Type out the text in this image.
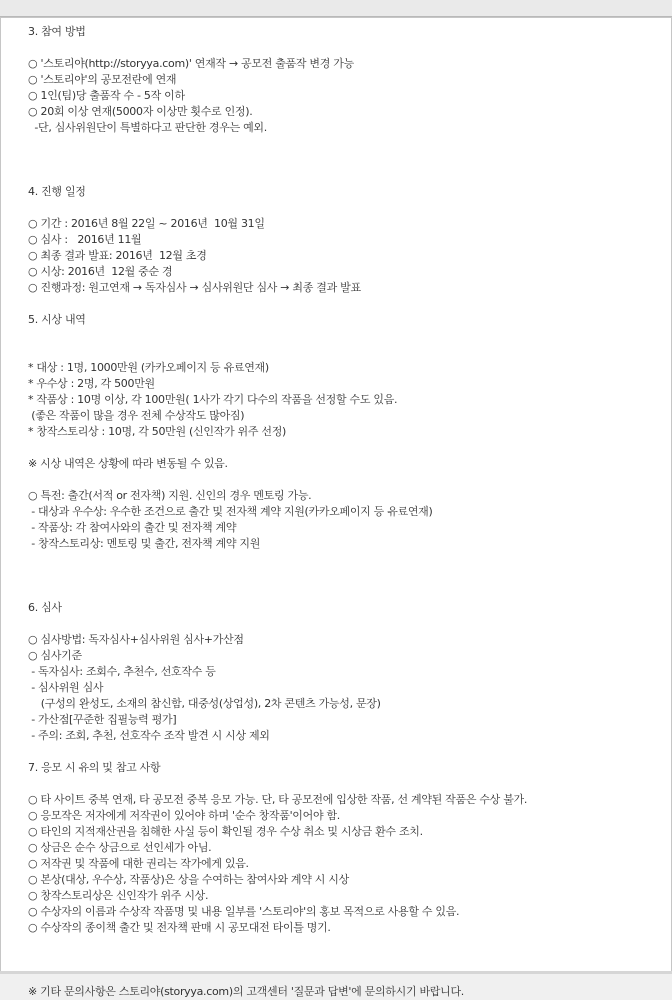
3. 참여 방법
○ '스토리야(http://storyya.com)' 연재작 → 공모전 출품작 변경 가능
○ '스토리야'의 공모전란에 연재
○ 1인(팀)당 출품작 수 - 5작 이하
○ 20회 이상 연재(5000자 이상만 횟수로 인정).
-단, 심사위원단이 특별하다고 판단한 경우는 예외.
4. 진행 일정
○ 기간 : 2016년 8월 22일 ~ 2016년  10월 31일
○ 심사 :   2016년 11월
○ 최종 결과 발표: 2016년  12월 초경
○ 시상: 2016년  12월 중순 경
○ 진행과정: 원고연재 → 독자심사 → 심사위원단 심사 → 최종 결과 발표
5. 시상 내역
* 대상 : 1명, 1000만원 (카카오페이지 등 유료연재)
* 우수상 : 2명, 각 500만원
* 작품상 : 10명 이상, 각 100만원( 1사가 각기 다수의 작품을 선정할 수도 있음.
(좋은 작품이 많을 경우 전체 수상작도 많아짐)
* 창작스토리상 : 10명, 각 50만원 (신인작가 위주 선정)
※ 시상 내역은 상황에 따라 변동될 수 있음.
○ 특전: 출간(서적 or 전자책) 지원. 신인의 경우 멘토링 가능.
- 대상과 우수상: 우수한 조건으로 출간 및 전자책 계약 지원(카카오페이지 등 유료연재)
- 작품상: 각 참여사와의 출간 및 전자책 계약
- 창작스토리상: 멘토링 및 출간, 전자책 계약 지원
6. 심사
○ 심사방법: 독자심사+심사위원 심사+가산점
○ 심사기준
- 독자심사: 조회수, 추천수, 선호작수 등
- 심사위원 심사
(구성의 완성도, 소재의 참신함, 대중성(상업성), 2차 콘텐츠 가능성, 문장)
- 가산점[꾸준한 집필능력 평가]
- 주의: 조회, 추천, 선호작수 조작 발견 시 시상 제외
7. 응모 시 유의 및 참고 사항
○ 타 사이트 중복 연재, 타 공모전 중복 응모 가능. 단, 타 공모전에 입상한 작품, 선 계약된 작품은 수상 불가.
○ 응모작은 저자에게 저작권이 있어야 하며 '순수 창작품'이어야 함.
○ 타인의 지적재산권을 침해한 사실 등이 확인될 경우 수상 취소 및 시상금 환수 조치.
○ 상금은 순수 상금으로 선인세가 아님.
○ 저작권 및 작품에 대한 권리는 작가에게 있음.
○ 본상(대상, 우수상, 작품상)은 상을 수여하는 참여사와 계약 시 시상
○ 창작스토리상은 신인작가 위주 시상.
○ 수상자의 이름과 수상작 작품명 및 내용 일부를 '스토리야'의 홍보 목적으로 사용할 수 있음.
○ 수상작의 종이책 출간 및 전자책 판매 시 공모대전 타이틀 명기.
※ 기타 문의사항은 스토리야(storyya.com)의 고객센터 '질문과 답변'에 문의하시기 바랍니다.
